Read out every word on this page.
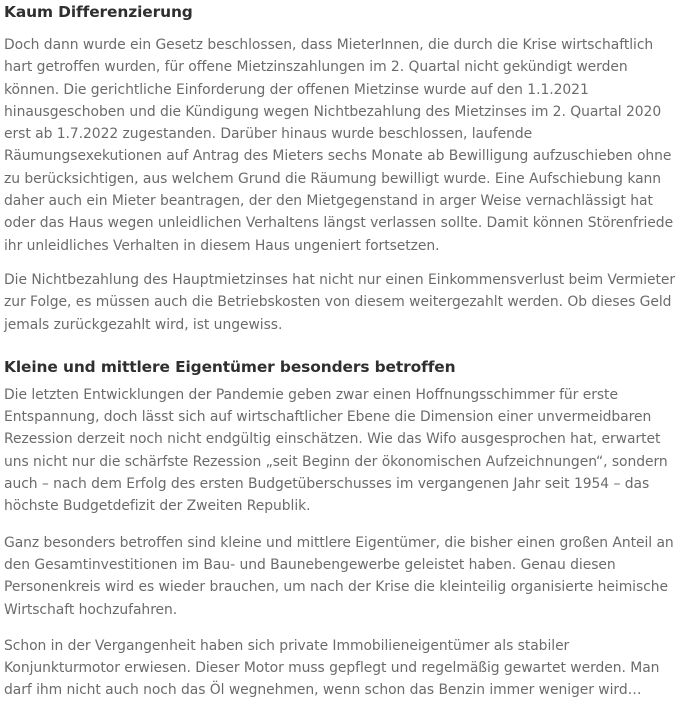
Kaum Differenzierung

Doch dann wurde ein Gesetz beschlossen, dass MieterInnen, die durch die Krise wirtschaftlich hart getroffen wurden, für offene Mietzinszahlungen im 2. Quartal nicht gekündigt werden können. Die gerichtliche Einforderung der offenen Mietzinse wurde auf den 1.1.2021 hinausgeschoben und die Kündigung wegen Nichtbezahlung des Mietzinses im 2. Quartal 2020 erst ab 1.7.2022 zugestanden. Darüber hinaus wurde beschlossen, laufende Räumungsexekutionen auf Antrag des Mieters sechs Monate ab Bewilligung aufzuschieben ohne zu berücksichtigen, aus welchem Grund die Räumung bewilligt wurde. Eine Aufschiebung kann daher auch ein Mieter beantragen, der den Mietgegenstand in arger Weise vernachlässigt hat oder das Haus wegen unleidlichen Verhaltens längst verlassen sollte. Damit können Störenfriede ihr unleidliches Verhalten in diesem Haus ungeniert fortsetzen.

Die Nichtbezahlung des Hauptmietzinses hat nicht nur einen Einkommensverlust beim Vermieter zur Folge, es müssen auch die Betriebskosten von diesem weitergezahlt werden. Ob dieses Geld jemals zurückgezahlt wird, ist ungewiss.

Kleine und mittlere Eigentümer besonders betroffen

Die letzten Entwicklungen der Pandemie geben zwar einen Hoffnungsschimmer für erste Entspannung, doch lässt sich auf wirtschaftlicher Ebene die Dimension einer unvermeidbaren Rezession derzeit noch nicht endgültig einschätzen. Wie das Wifo ausgesprochen hat, erwartet uns nicht nur die schärfste Rezession „seit Beginn der ökonomischen Aufzeichnungen“, sondern auch – nach dem Erfolg des ersten Budgetüberschusses im vergangenen Jahr seit 1954 – das höchste Budgetdefizit der Zweiten Republik.

Ganz besonders betroffen sind kleine und mittlere Eigentümer, die bisher einen großen Anteil an den Gesamtinvestitionen im Bau- und Baunebengewerbe geleistet haben. Genau diesen Personenkreis wird es wieder brauchen, um nach der Krise die kleinteilig organisierte heimische Wirtschaft hochzufahren.

Schon in der Vergangenheit haben sich private Immobilieneigentümer als stabiler Konjunkturmotor erwiesen. Dieser Motor muss gepflegt und regelmäßig gewartet werden. Man darf ihm nicht auch noch das Öl wegnehmen, wenn schon das Benzin immer weniger wird…
